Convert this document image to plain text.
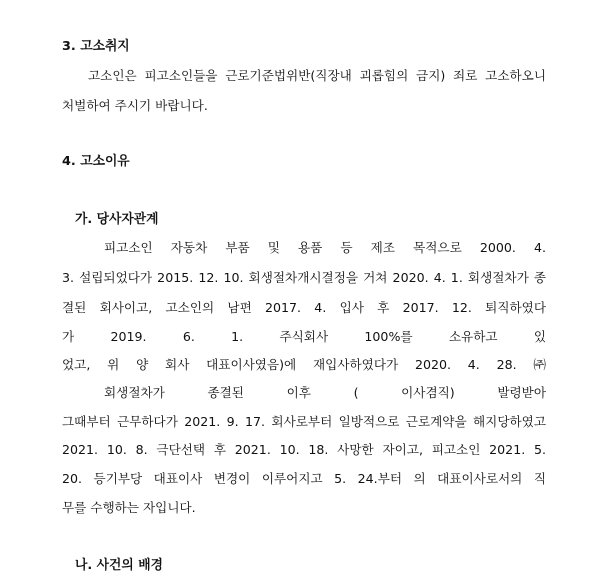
3. 고소취지
고소인은 피고소인들을 근로기준법위반(직장내 괴롭힘의 금지) 죄로 고소하오니
처벌하여 주시기 바랍니다.
4. 고소이유
가. 당사자관계
피고소인 자동차 부품 및 용품 등 제조 목적으로 2000. 4.
3. 설립되었다가 2015. 12. 10. 회생절차개시결정을 거쳐 2020. 4. 1. 회생절차가 종
결된 회사이고, 고소인의 남편 2017. 4. 입사 후 2017. 12. 퇴직하였다
가 2019. 6. 1. 주식회사 100%를 소유하고 있
었고, 위 양 회사 대표이사였음)에 재입사하였다가 2020. 4. 28. ㈜
회생절차가 종결된 이후 ( 이사겸직) 발령받아
그때부터 근무하다가 2021. 9. 17. 회사로부터 일방적으로 근로계약을 해지당하였고
2021. 10. 8. 극단선택 후 2021. 10. 18. 사망한 자이고, 피고소인 2021. 5.
20. 등기부당 대표이사 변경이 이루어지고 5. 24.부터 의 대표이사로서의 직
무를 수행하는 자입니다.
나. 사건의 배경
